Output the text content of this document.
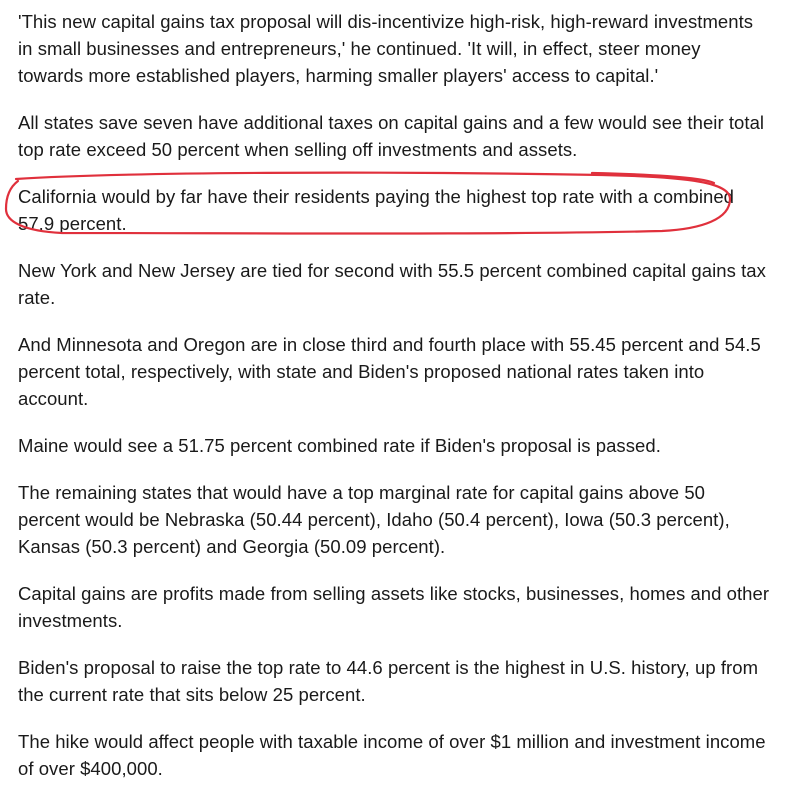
'This new capital gains tax proposal will dis-incentivize high-risk, high-reward investments in small businesses and entrepreneurs,' he continued. 'It will, in effect, steer money towards more established players, harming smaller players' access to capital.'

All states save seven have additional taxes on capital gains and a few would see their total top rate exceed 50 percent when selling off investments and assets.

California would by far have their residents paying the highest top rate with a combined 57.9 percent.

New York and New Jersey are tied for second with 55.5 percent combined capital gains tax rate.

And Minnesota and Oregon are in close third and fourth place with 55.45 percent and 54.5 percent total, respectively, with state and Biden's proposed national rates taken into account.

Maine would see a 51.75 percent combined rate if Biden's proposal is passed.

The remaining states that would have a top marginal rate for capital gains above 50 percent would be Nebraska (50.44 percent), Idaho (50.4 percent), Iowa (50.3 percent), Kansas (50.3 percent) and Georgia (50.09 percent).

Capital gains are profits made from selling assets like stocks, businesses, homes and other investments.

Biden's proposal to raise the top rate to 44.6 percent is the highest in U.S. history, up from the current rate that sits below 25 percent.

The hike would affect people with taxable income of over $1 million and investment income of over $400,000.
